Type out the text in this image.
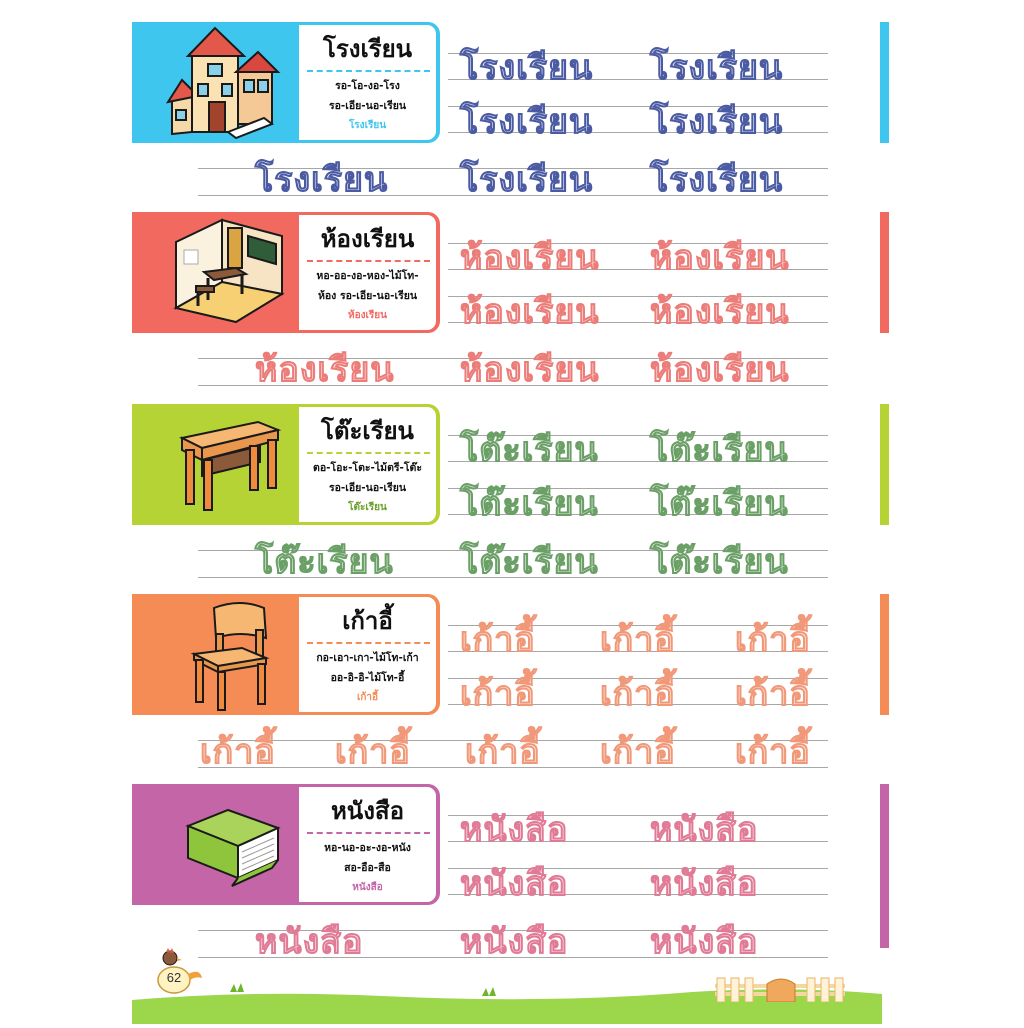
โรงเรียน
รอ-โอ-งอ-โรง
รอ-เอีย-นอ-เรียน
โรงเรียน
โรงเรียน โรงเรียน
โรงเรียน โรงเรียน
โรงเรียน โรงเรียน โรงเรียน
ห้องเรียน
หอ-ออ-งอ-หอง-ไม้โท-
ห้อง รอ-เอีย-นอ-เรียน
ห้องเรียน
ห้องเรียน ห้องเรียน
ห้องเรียน ห้องเรียน
ห้องเรียน ห้องเรียน ห้องเรียน
โต๊ะเรียน
ตอ-โอะ-โตะ-ไม้ตรี-โต๊ะ
รอ-เอีย-นอ-เรียน
โต๊ะเรียน
โต๊ะเรียน โต๊ะเรียน
โต๊ะเรียน โต๊ะเรียน
โต๊ะเรียน โต๊ะเรียน โต๊ะเรียน
เก้าอี้
กอ-เอา-เกา-ไม้โท-เก้า
ออ-อิ-อิ-ไม้โท-อี้
เก้าอี้
เก้าอี้ เก้าอี้ เก้าอี้
เก้าอี้ เก้าอี้ เก้าอี้
เก้าอี้ เก้าอี้ เก้าอี้ เก้าอี้ เก้าอี้
หนังสือ
หอ-นอ-อะ-งอ-หนัง
สอ-อือ-สือ
หนังสือ
หนังสือ หนังสือ
หนังสือ หนังสือ
หนังสือ	หนังสือ หนังสือ
62
